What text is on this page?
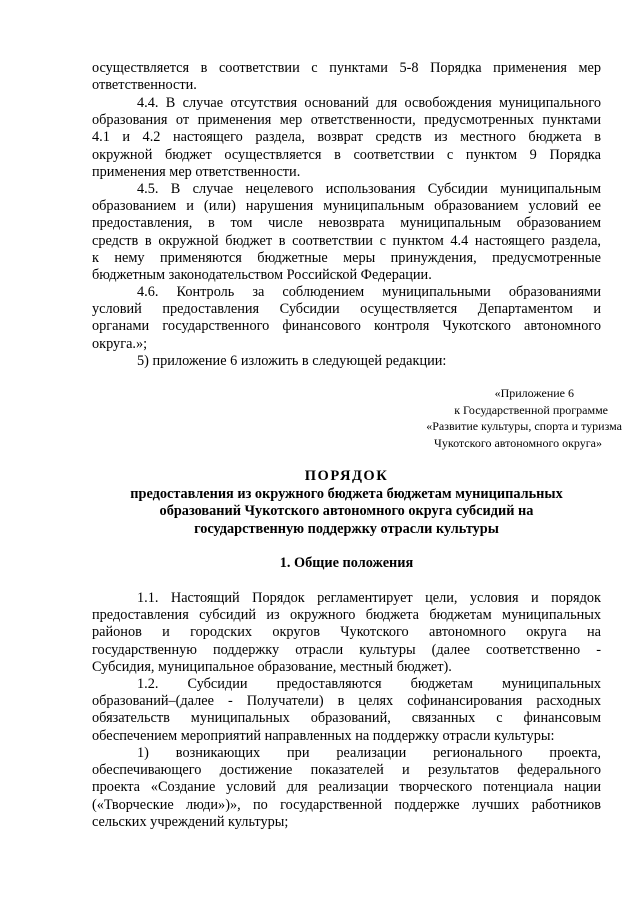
осуществляется в соответствии с пунктами 5-8 Порядка применения мер
ответственности.
4.4. В случае отсутствия оснований для освобождения муниципального
образования от применения мер ответственности, предусмотренных пунктами
4.1 и 4.2 настоящего раздела, возврат средств из местного бюджета в
окружной бюджет осуществляется в соответствии с пунктом 9 Порядка
применения мер ответственности.
4.5. В случае нецелевого использования Субсидии муниципальным
образованием и (или) нарушения муниципальным образованием условий ее
предоставления, в том числе невозврата муниципальным образованием
средств в окружной бюджет в соответствии с пунктом 4.4 настоящего раздела,
к нему применяются бюджетные меры принуждения, предусмотренные
бюджетным законодательством Российской Федерации.
4.6. Контроль за соблюдением муниципальными образованиями
условий предоставления Субсидии осуществляется Департаментом и
органами государственного финансового контроля Чукотского автономного
округа.»;
5) приложение 6 изложить в следующей редакции:
«Приложение 6
к Государственной программе
«Развитие культуры, спорта и туризма
Чукотского автономного округа»
ПОРЯДОК
предоставления из окружного бюджета бюджетам муниципальных
образований Чукотского автономного округа субсидий на
государственную поддержку отрасли культуры
1. Общие положения
1.1. Настоящий Порядок регламентирует цели, условия и порядок
предоставления субсидий из окружного бюджета бюджетам муниципальных
районов и городских округов Чукотского автономного округа на
государственную поддержку отрасли культуры (далее соответственно -
Субсидия, муниципальное образование, местный бюджет).
1.2. Субсидии предоставляются бюджетам муниципальных
образований–(далее - Получатели) в целях софинансирования расходных
обязательств муниципальных образований, связанных с финансовым
обеспечением мероприятий направленных на поддержку отрасли культуры:
1) возникающих при реализации регионального проекта,
обеспечивающего достижение показателей и результатов федерального
проекта «Создание условий для реализации творческого потенциала нации
(«Творческие люди»)», по государственной поддержке лучших работников
сельских учреждений культуры;
